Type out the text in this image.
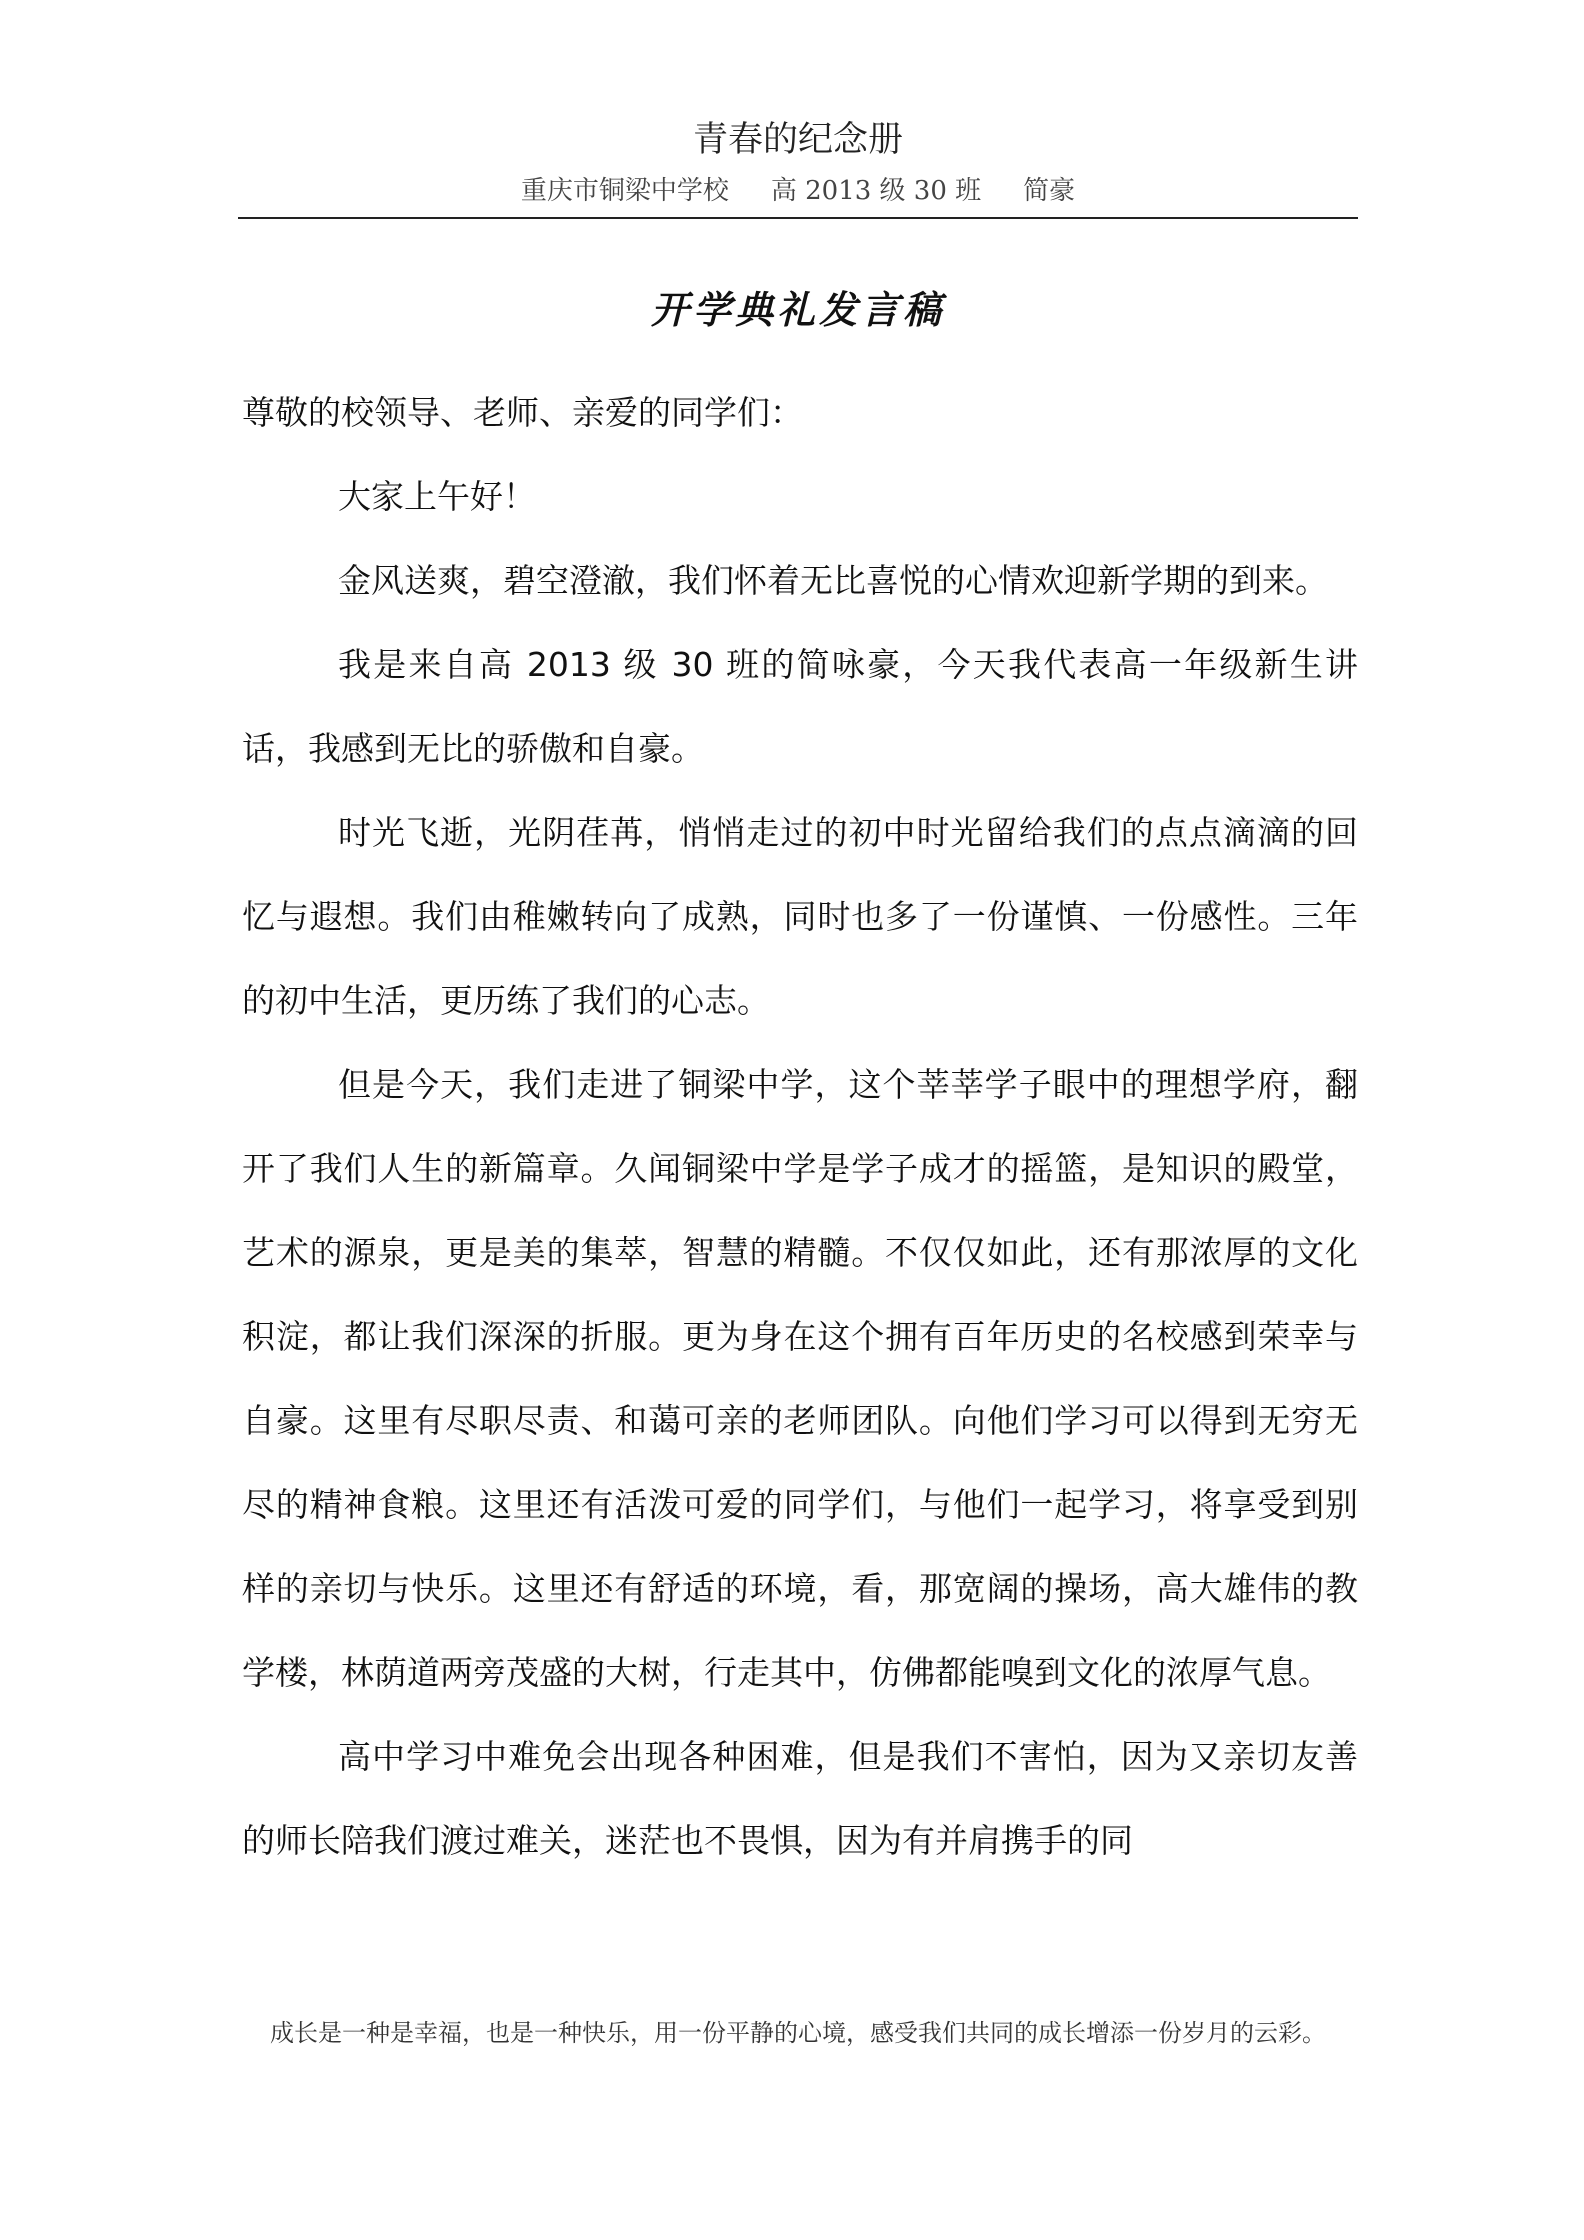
青春的纪念册
重庆市铜梁中学校 高 2013 级 30 班 简豪
开学典礼发言稿

尊敬的校领导、老师、亲爱的同学们：

大家上午好！

金风送爽，碧空澄澈，我们怀着无比喜悦的心情欢迎新学期的到来。

我是来自高 2013 级 30 班的简咏豪，今天我代表高一年级新生讲话，我感到无比的骄傲和自豪。

时光飞逝，光阴荏苒，悄悄走过的初中时光留给我们的点点滴滴的回忆与遐想。我们由稚嫩转向了成熟，同时也多了一份谨慎、一份感性。三年的初中生活，更历练了我们的心志。

但是今天，我们走进了铜梁中学，这个莘莘学子眼中的理想学府，翻开了我们人生的新篇章。久闻铜梁中学是学子成才的摇篮，是知识的殿堂，艺术的源泉，更是美的集萃，智慧的精髓。不仅仅如此，还有那浓厚的文化积淀，都让我们深深的折服。更为身在这个拥有百年历史的名校感到荣幸与自豪。这里有尽职尽责、和蔼可亲的老师团队。向他们学习可以得到无穷无尽的精神食粮。这里还有活泼可爱的同学们，与他们一起学习，将享受到别样的亲切与快乐。这里还有舒适的环境，看，那宽阔的操场，高大雄伟的教学楼，林荫道两旁茂盛的大树，行走其中，仿佛都能嗅到文化的浓厚气息。

高中学习中难免会出现各种困难，但是我们不害怕，因为又亲切友善的师长陪我们渡过难关，迷茫也不畏惧，因为有并肩携手的同

成长是一种是幸福，也是一种快乐，用一份平静的心境，感受我们共同的成长增添一份岁月的云彩。
